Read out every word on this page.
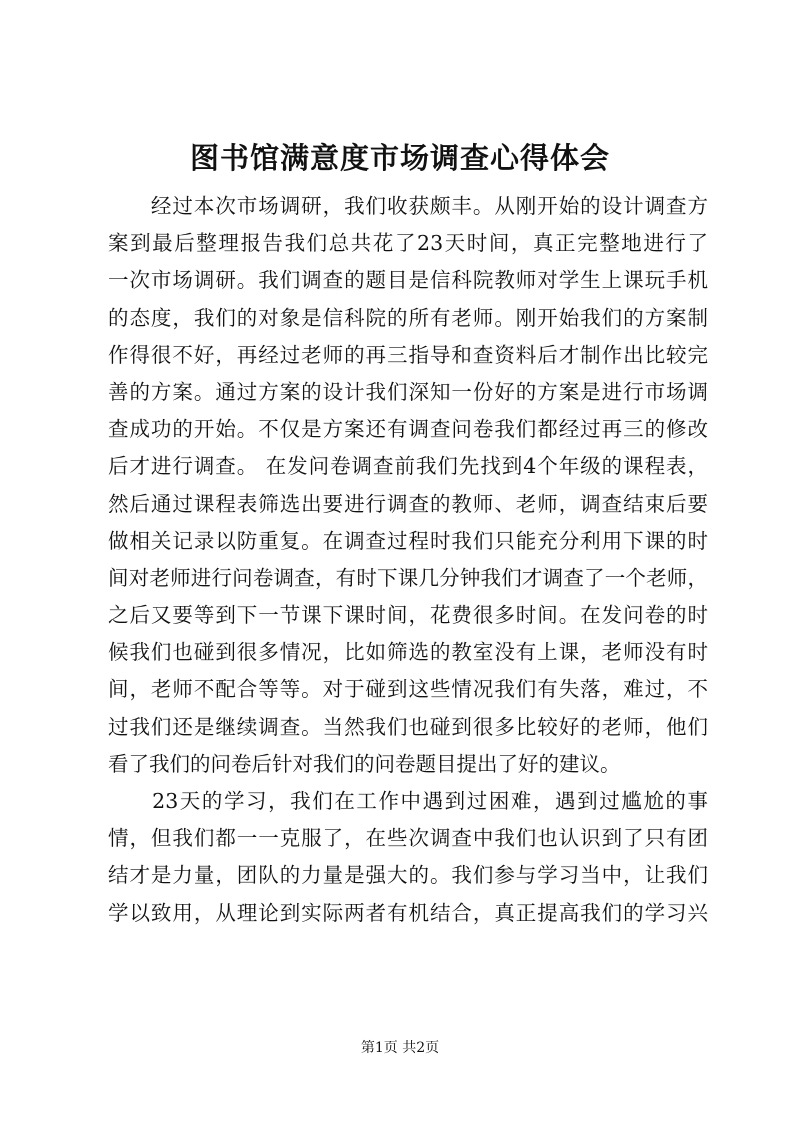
图书馆满意度市场调查心得体会
　　经过本次市场调研，我们收获颇丰。从刚开始的设计调查方
案到最后整理报告我们总共花了23天时间，真正完整地进行了
一次市场调研。我们调查的题目是信科院教师对学生上课玩手机
的态度，我们的对象是信科院的所有老师。刚开始我们的方案制
作得很不好，再经过老师的再三指导和查资料后才制作出比较完
善的方案。通过方案的设计我们深知一份好的方案是进行市场调
查成功的开始。不仅是方案还有调查问卷我们都经过再三的修改
后才进行调查。 在发问卷调查前我们先找到4个年级的课程表，
然后通过课程表筛选出要进行调查的教师、老师，调查结束后要
做相关记录以防重复。在调查过程时我们只能充分利用下课的时
间对老师进行问卷调查，有时下课几分钟我们才调查了一个老师，
之后又要等到下一节课下课时间，花费很多时间。在发问卷的时
候我们也碰到很多情况，比如筛选的教室没有上课，老师没有时
间，老师不配合等等。对于碰到这些情况我们有失落，难过，不
过我们还是继续调查。当然我们也碰到很多比较好的老师，他们
看了我们的问卷后针对我们的问卷题目提出了好的建议。
　　23天的学习，我们在工作中遇到过困难，遇到过尴尬的事
情，但我们都一一克服了，在些次调查中我们也认识到了只有团
结才是力量，团队的力量是强大的。我们参与学习当中，让我们
学以致用，从理论到实际两者有机结合，真正提高我们的学习兴
第1页 共2页
